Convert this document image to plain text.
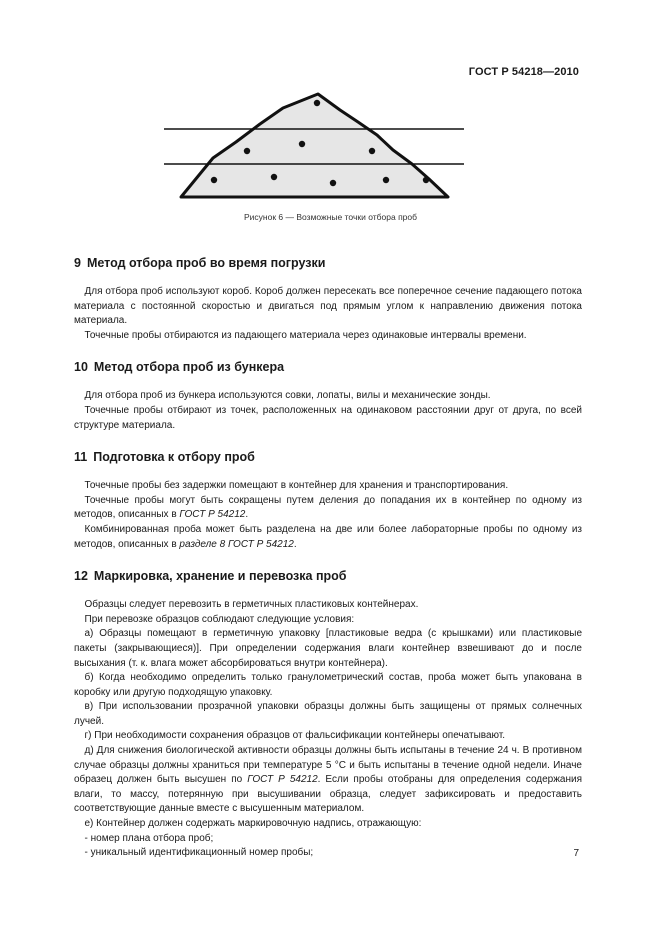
ГОСТ Р 54218—2010
Рисунок 6 — Возможные точки отбора проб
9 Метод отбора проб во время погрузки

Для отбора проб используют короб. Короб должен пересекать все поперечное сечение падающего потока материала с постоянной скоростью и двигаться под прямым углом к направлению движения потока материала.

Точечные пробы отбираются из падающего материала через одинаковые интервалы времени.

10 Метод отбора проб из бункера

Для отбора проб из бункера используются совки, лопаты, вилы и механические зонды.

Точечные пробы отбирают из точек, расположенных на одинаковом расстоянии друг от друга, по всей структуре материала.

11 Подготовка к отбору проб

Точечные пробы без задержки помещают в контейнер для хранения и транспортирования.

Точечные пробы могут быть сокращены путем деления до попадания их в контейнер по одному из методов, описанных в ГОСТ Р 54212.

Комбинированная проба может быть разделена на две или более лабораторные пробы по одному из методов, описанных в разделе 8 ГОСТ Р 54212.

12 Маркировка, хранение и перевозка проб

Образцы следует перевозить в герметичных пластиковых контейнерах.

При перевозке образцов соблюдают следующие условия:

а) Образцы помещают в герметичную упаковку [пластиковые ведра (с крышками) или пластиковые пакеты (закрывающиеся)]. При определении содержания влаги контейнер взвешивают до и после высыхания (т. к. влага может абсорбироваться внутри контейнера).

б) Когда необходимо определить только гранулометрический состав, проба может быть упакована в коробку или другую подходящую упаковку.

в) При использовании прозрачной упаковки образцы должны быть защищены от прямых солнечных лучей.

г) При необходимости сохранения образцов от фальсификации контейнеры опечатывают.

д) Для снижения биологической активности образцы должны быть испытаны в течение 24 ч. В противном случае образцы должны храниться при температуре 5 °С и быть испытаны в течение одной недели. Иначе образец должен быть высушен по ГОСТ Р 54212. Если пробы отобраны для определения содержания влаги, то массу, потерянную при высушивании образца, следует зафиксировать и предоставить соответствующие данные вместе с высушенным материалом.

е) Контейнер должен содержать маркировочную надпись, отражающую:

- номер плана отбора проб;

- уникальный идентификационный номер пробы;	7
